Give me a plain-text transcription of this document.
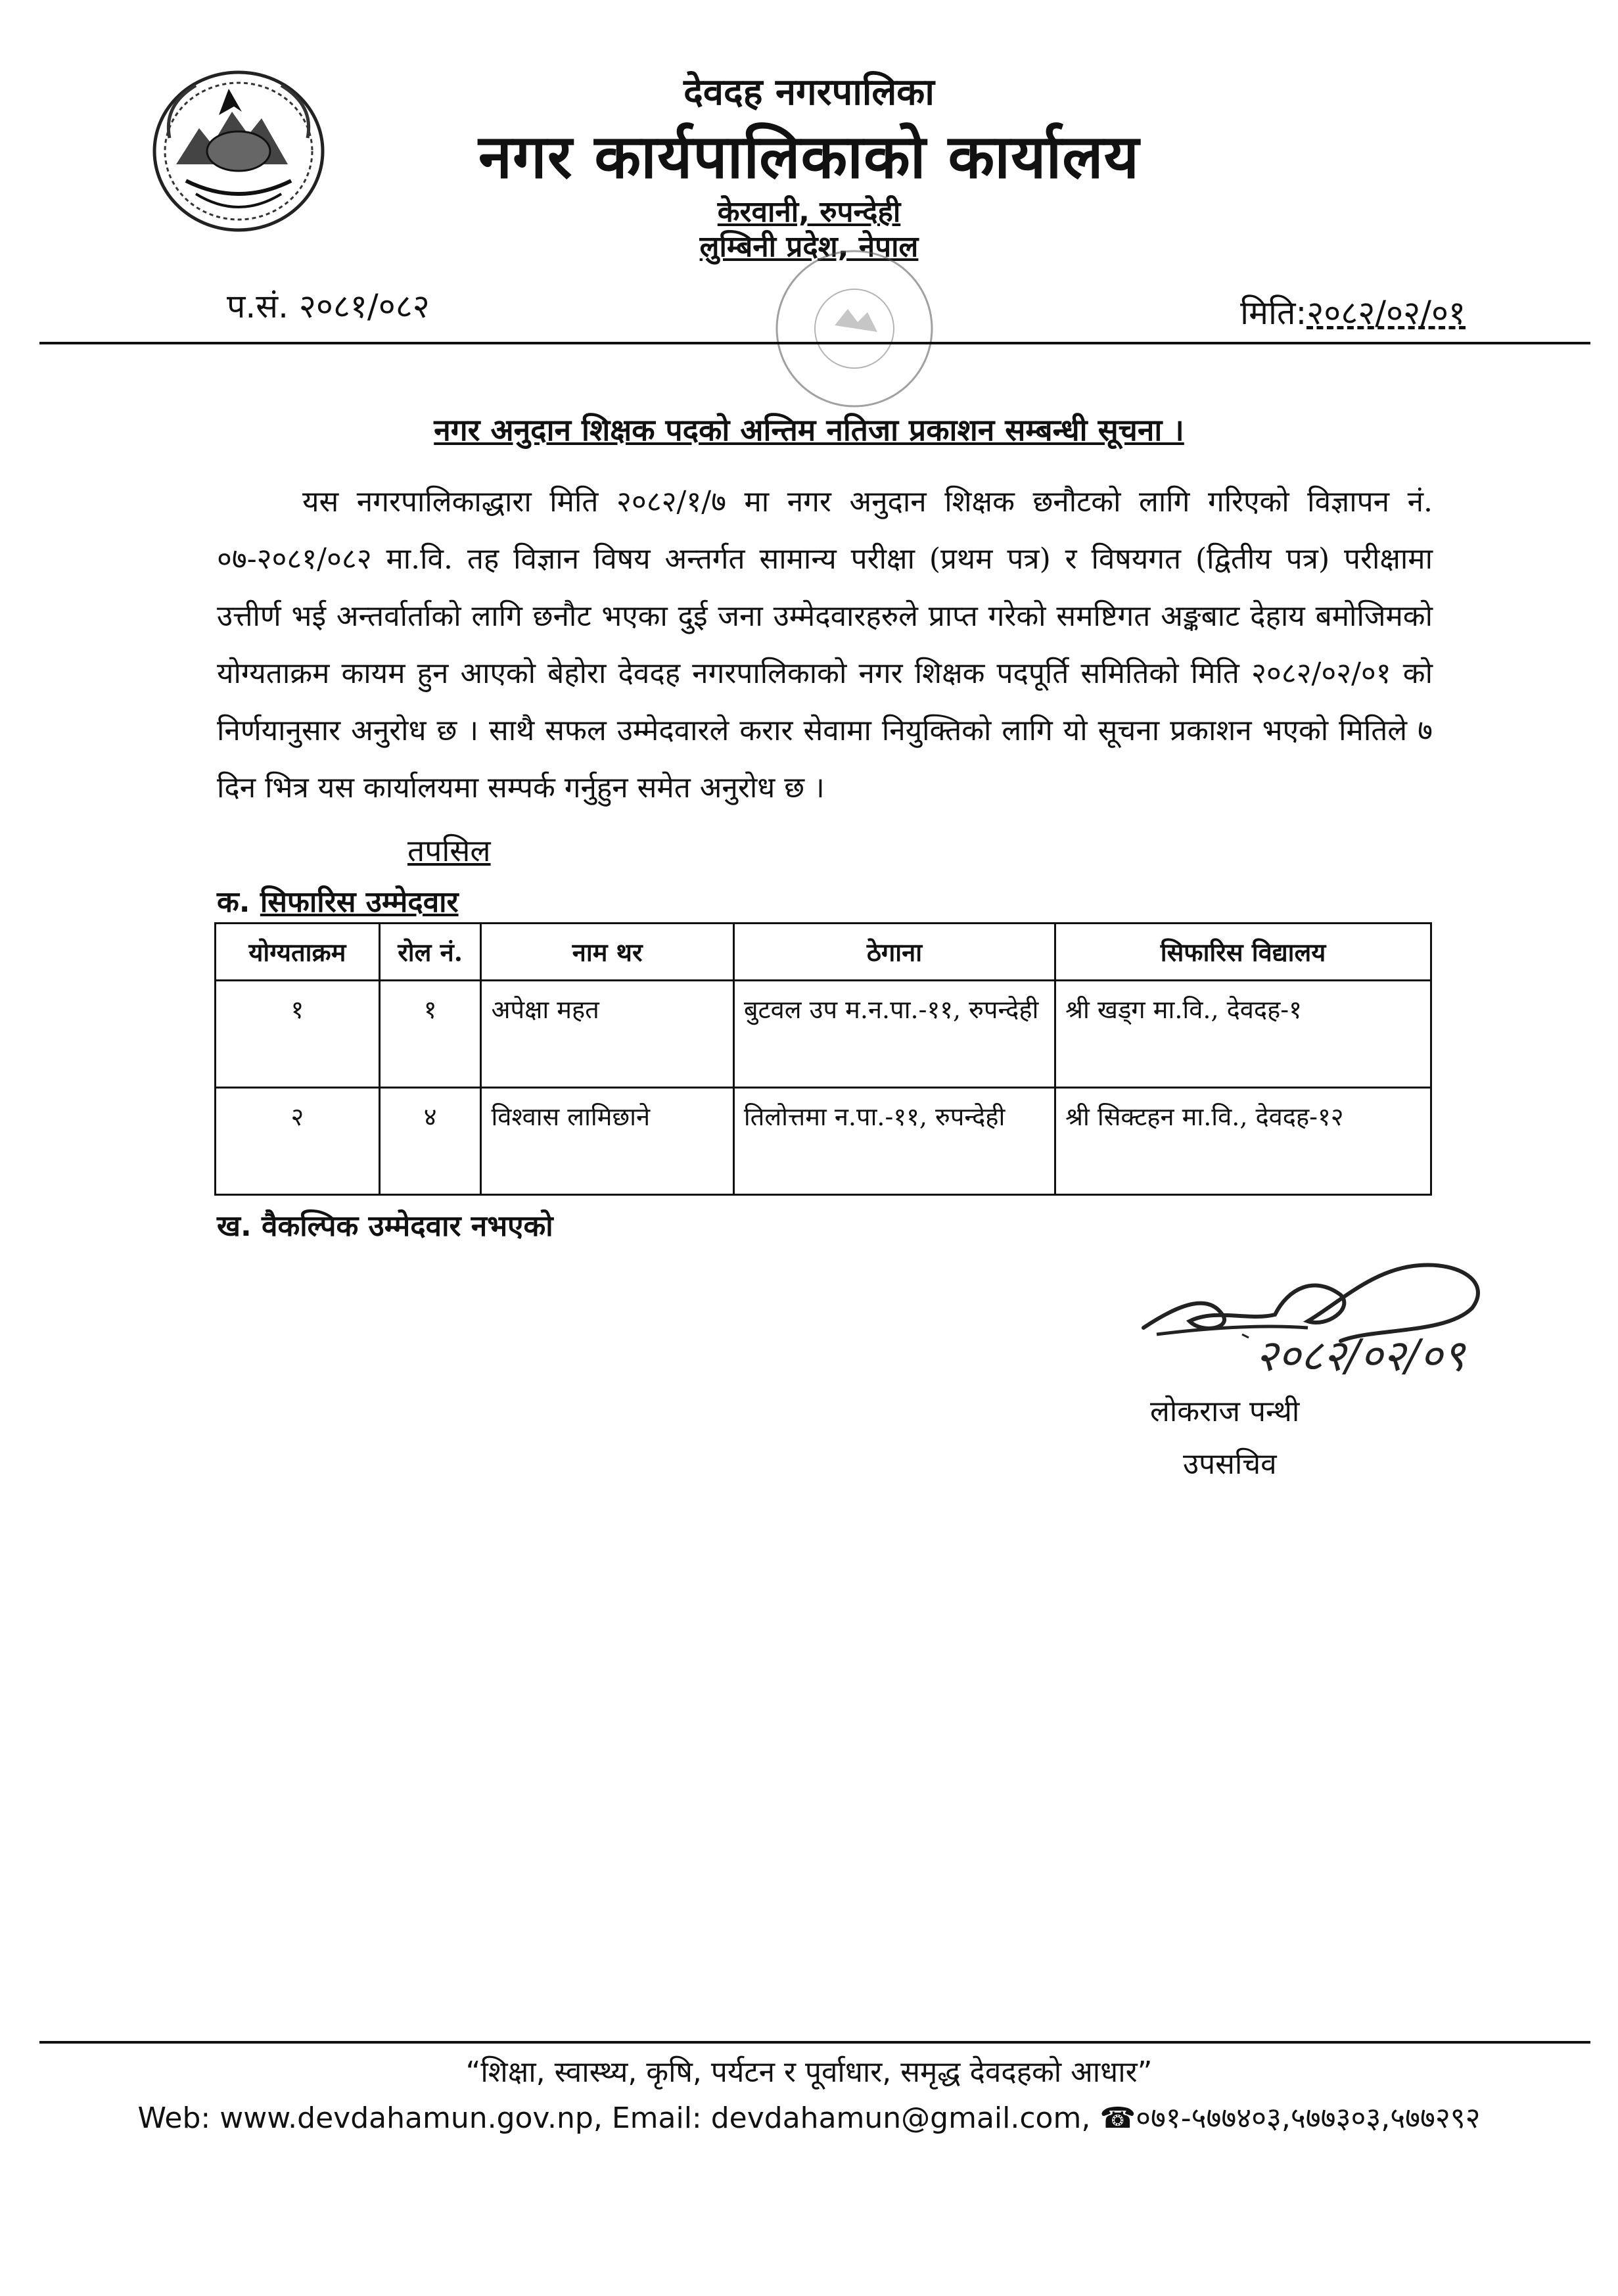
देवदह नगरपालिका
नगर कार्यपालिकाको कार्यालय
केरवानी, रुपन्देही
लुम्बिनी प्रदेश, नेपाल
प.सं. २०८१/०८२	मिति:२०८२/०२/०१
नगर अनुदान शिक्षक पदको अन्तिम नतिजा प्रकाशन सम्बन्धी सूचना ।
यस नगरपालिकाद्धारा मिति २०८२/१/७ मा नगर अनुदान शिक्षक छनौटको लागि गरिएको विज्ञापन नं. ०७-२०८१/०८२ मा.वि. तह विज्ञान विषय अन्तर्गत सामान्य परीक्षा (प्रथम पत्र) र विषयगत (द्वितीय पत्र) परीक्षामा उत्तीर्ण भई अन्तर्वार्ताको लागि छनौट भएका दुई जना उम्मेदवारहरुले प्राप्त गरेको समष्टिगत अङ्कबाट देहाय बमोजिमको योग्यताक्रम कायम हुन आएको बेहोरा देवदह नगरपालिकाको नगर शिक्षक पदपूर्ति समितिको मिति २०८२/०२/०१ को निर्णयानुसार अनुरोध छ । साथै सफल उम्मेदवारले करार सेवामा नियुक्तिको लागि यो सूचना प्रकाशन भएको मितिले ७ दिन भित्र यस कार्यालयमा सम्पर्क गर्नुहुन समेत अनुरोध छ ।
तपसिल
क. सिफारिस उम्मेदवार
योग्यताक्रम	रोल नं.	नाम थर	ठेगाना	सिफारिस विद्यालय
१	१	अपेक्षा महत	बुटवल उप म.न.पा.-११, रुपन्देही	श्री खड्ग मा.वि., देवदह-१
२	४	विश्वास लामिछाने	तिलोत्तमा न.पा.-११, रुपन्देही	श्री सिक्टहन मा.वि., देवदह-१२
ख. वैकल्पिक उम्मेदवार नभएको
२०८२/०२/०९
लोकराज पन्थी
उपसचिव
“शिक्षा, स्वास्थ्य, कृषि, पर्यटन र पूर्वाधार, समृद्ध देवदहको आधार”
Web: www.devdahamun.gov.np, Email: devdahamun@gmail.com, ☎०७१-५७७४०३,५७७३०३,५७७२९२
